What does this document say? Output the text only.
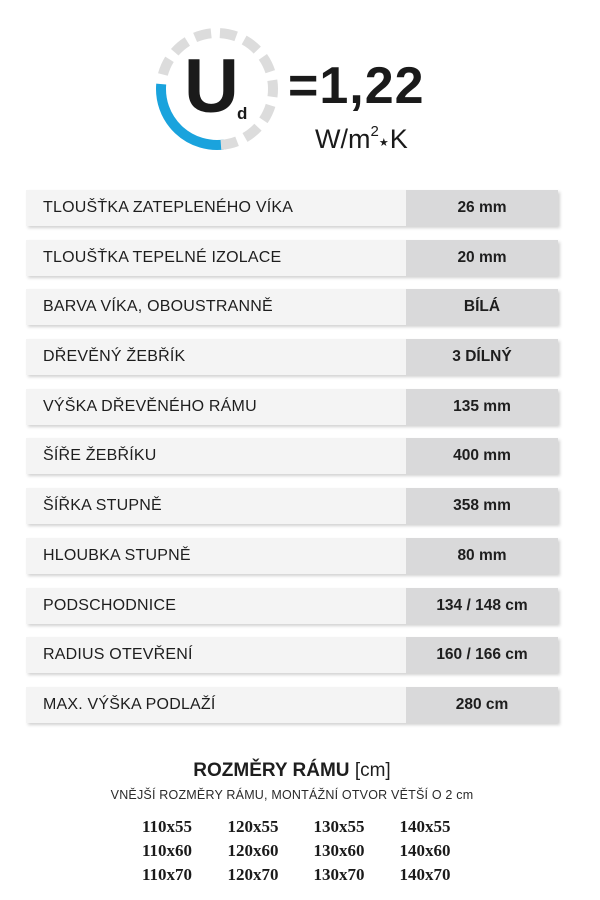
U
d =1,22
$W/m^2★K$
TLOUŠŤKA ZATEPLENÉHO VÍKA	26 mm
TLOUŠŤKA TEPELNÉ IZOLACE	20 mm
BARVA VÍKA, OBOUSTRANNĚ	BÍLÁ
DŘEVĚNÝ ŽEBŘÍK	3 DÍLNÝ
VÝŠKA DŘEVĚNÉHO RÁMU	135 mm
ŠÍŘE ŽEBŘÍKU	400 mm
ŠÍŘKA STUPNĚ	358 mm
HLOUBKA STUPNĚ	80 mm
PODSCHODNICE	134 / 148 cm
RADIUS OTEVŘENÍ	160 / 166 cm
MAX. VÝŠKA PODLAŽÍ	280 cm
ROZMĚRY RÁMU [cm]
VNĚJŠÍ ROZMĚRY RÁMU, MONTÁŽNÍ OTVOR VĚTŠÍ O 2 cm
110x55	120x55	130x55	140x55
110x60	120x60	130x60	140x60
110x70	120x70	130x70	140x70
